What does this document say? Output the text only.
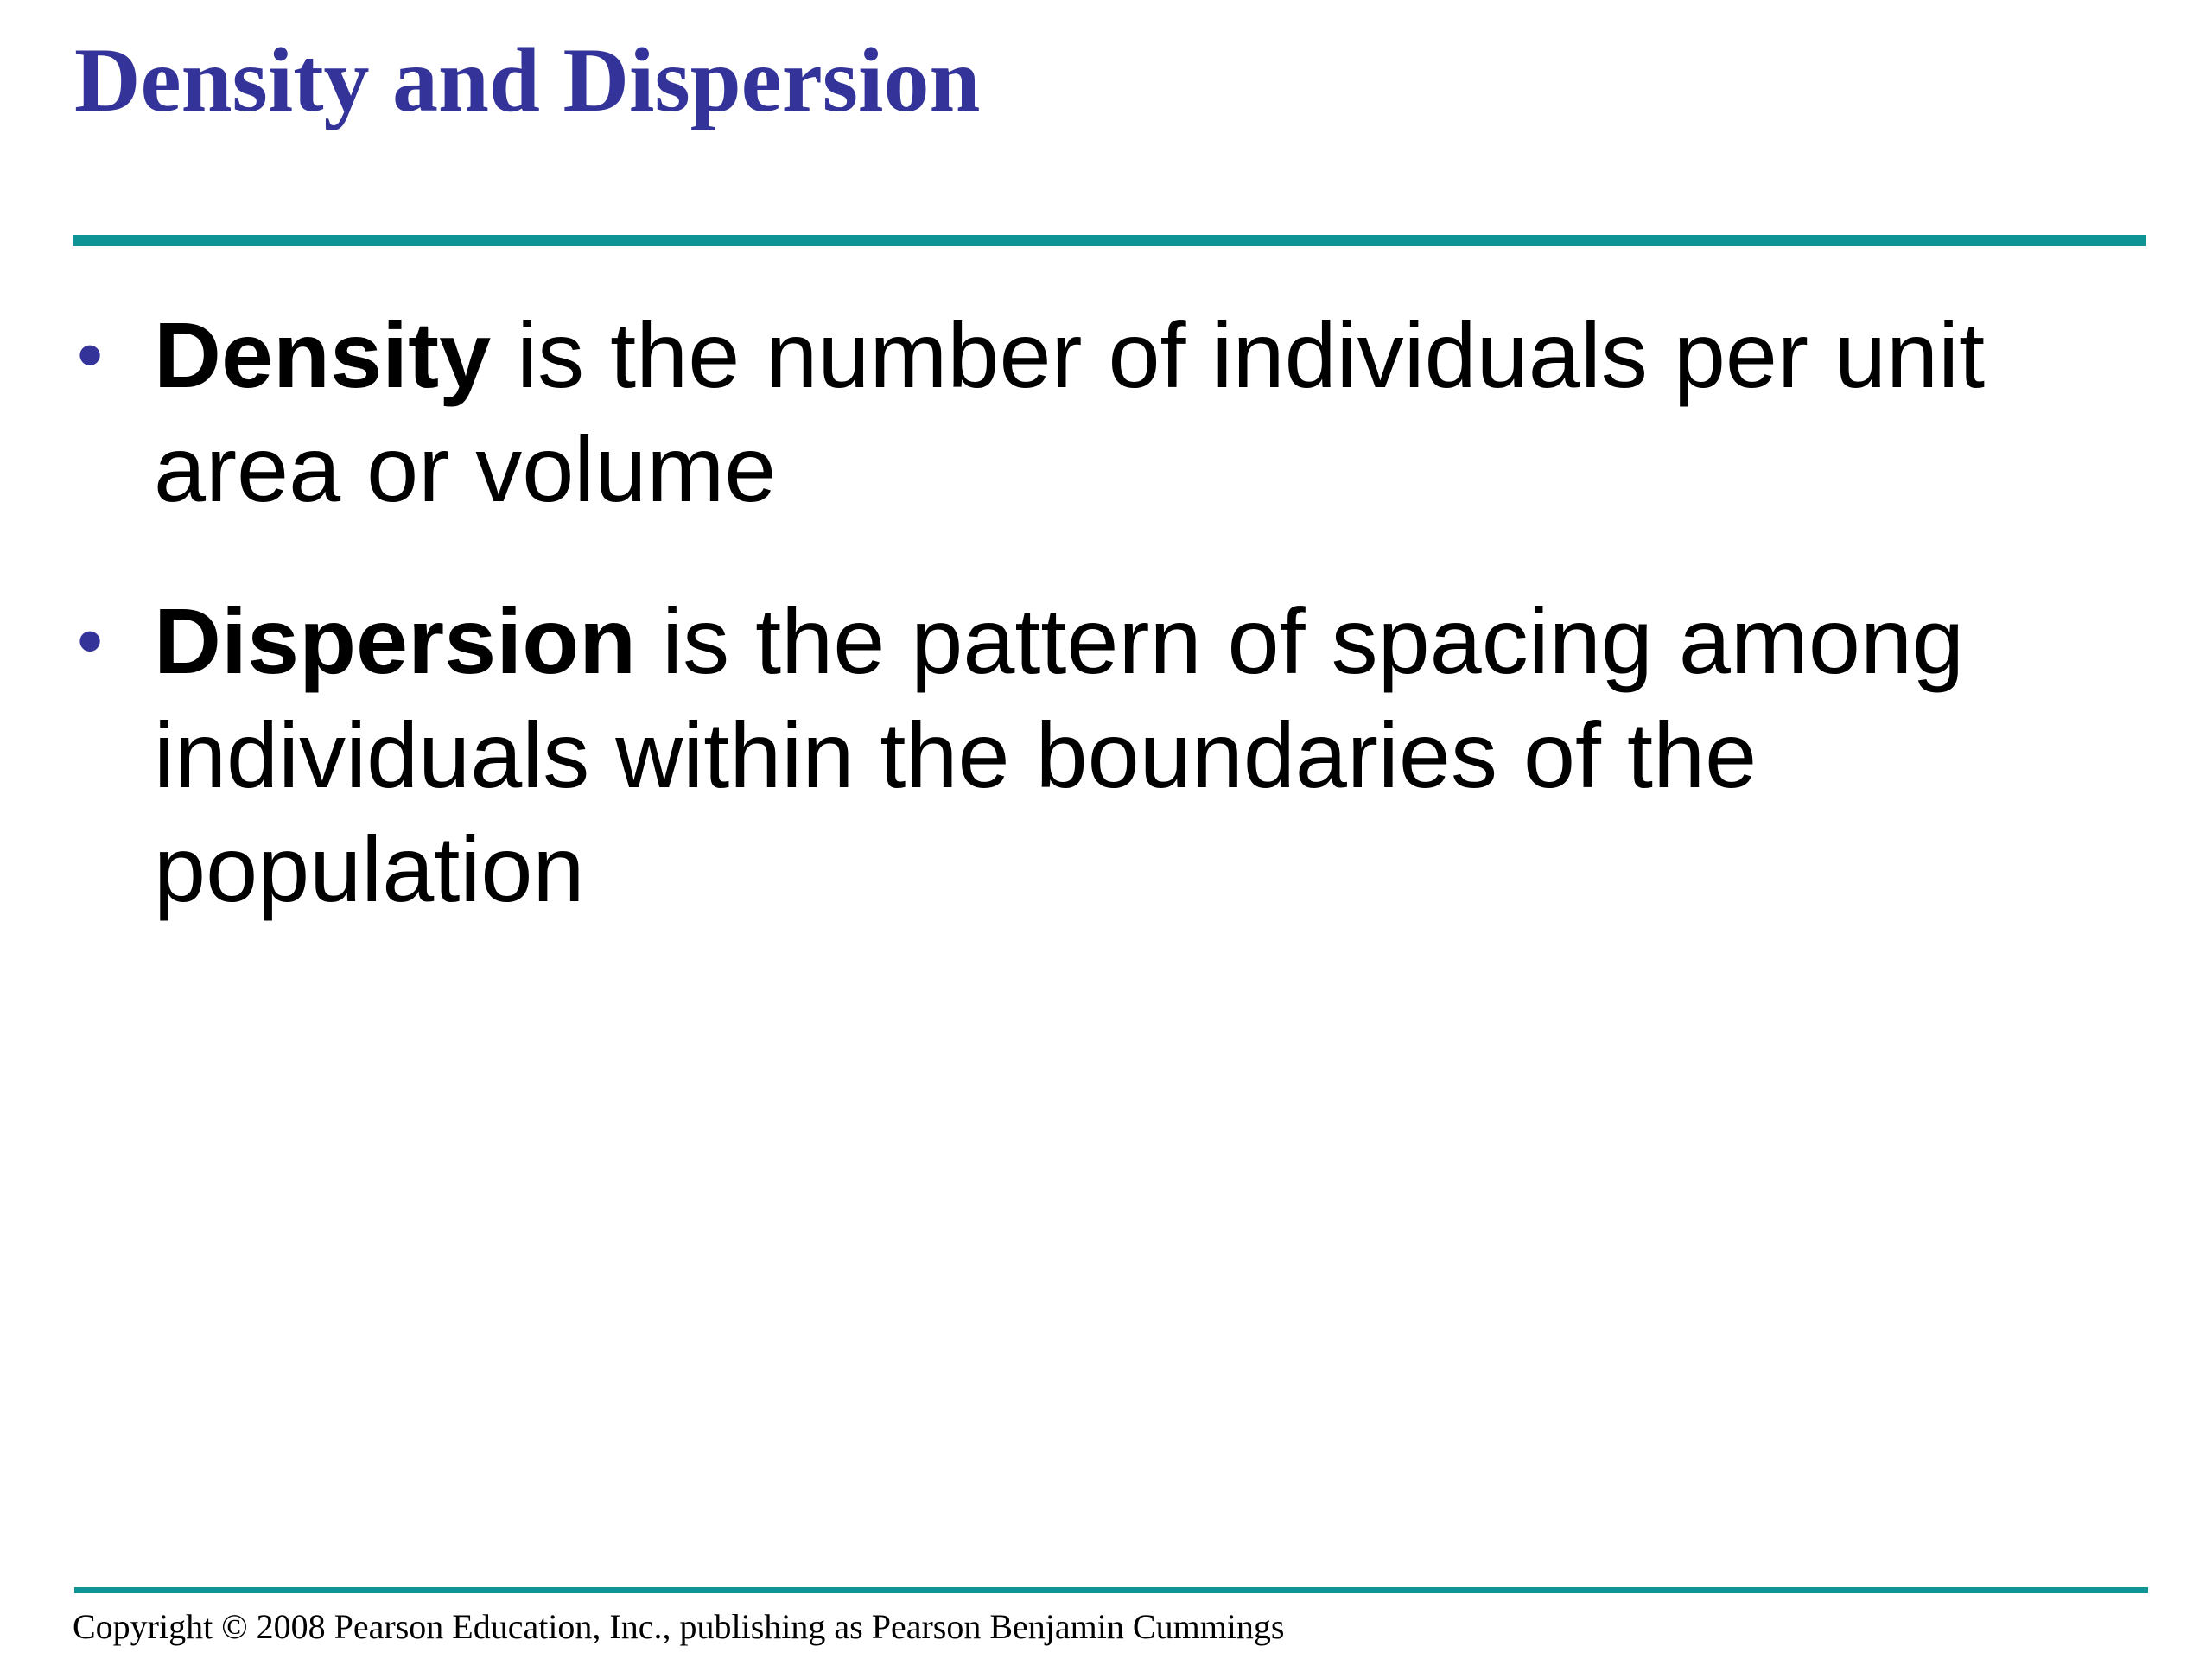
Density and Dispersion
• Density is the number of individuals per unit area or volume
• Dispersion is the pattern of spacing among individuals within the boundaries of the population

Copyright © 2008 Pearson Education, Inc., publishing as Pearson Benjamin Cummings
